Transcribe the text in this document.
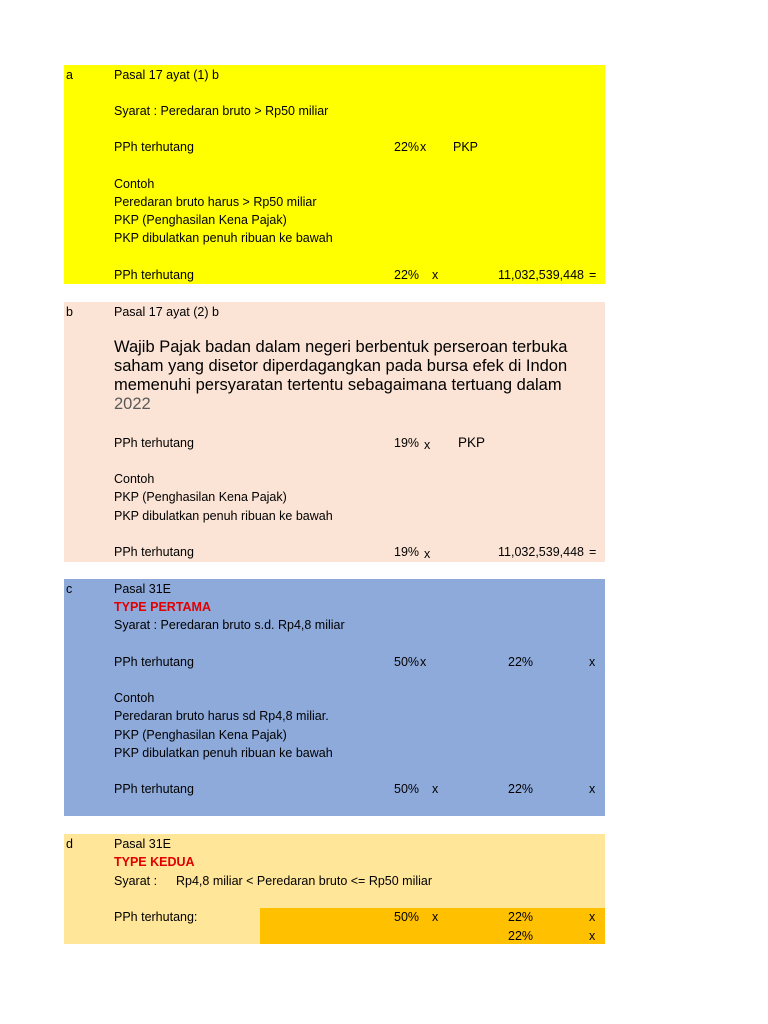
a	Pasal 17 ayat (1) b
Syarat : Peredaran bruto > Rp50 miliar
PPh terhutang	22% x PKP
Contoh
Peredaran bruto harus > Rp50 miliar
PKP (Penghasilan Kena Pajak)
PKP dibulatkan penuh ribuan ke bawah
PPh terhutang	22% x	11,032,539,448 =
b	Pasal 17 ayat (2) b
Wajib Pajak badan dalam negeri berbentuk perseroan terbuka
saham yang disetor diperdagangkan pada bursa efek di Indon
memenuhi persyaratan tertentu sebagaimana tertuang dalam
2022
PPh terhutang	19% x PKP
Contoh
PKP (Penghasilan Kena Pajak)
PKP dibulatkan penuh ribuan ke bawah
PPh terhutang	19% x	11,032,539,448 =
c	Pasal 31E
TYPE PERTAMA
Syarat : Peredaran bruto s.d. Rp4,8 miliar
PPh terhutang	50% x	22%	x
Contoh
Peredaran bruto harus sd Rp4,8 miliar.
PKP (Penghasilan Kena Pajak)
PKP dibulatkan penuh ribuan ke bawah
PPh terhutang	50% x	22%	x
d	Pasal 31E
TYPE KEDUA
Syarat : Rp4,8 miliar < Peredaran bruto <= Rp50 miliar
PPh terhutang:	50% x	22%	x
22%	x
